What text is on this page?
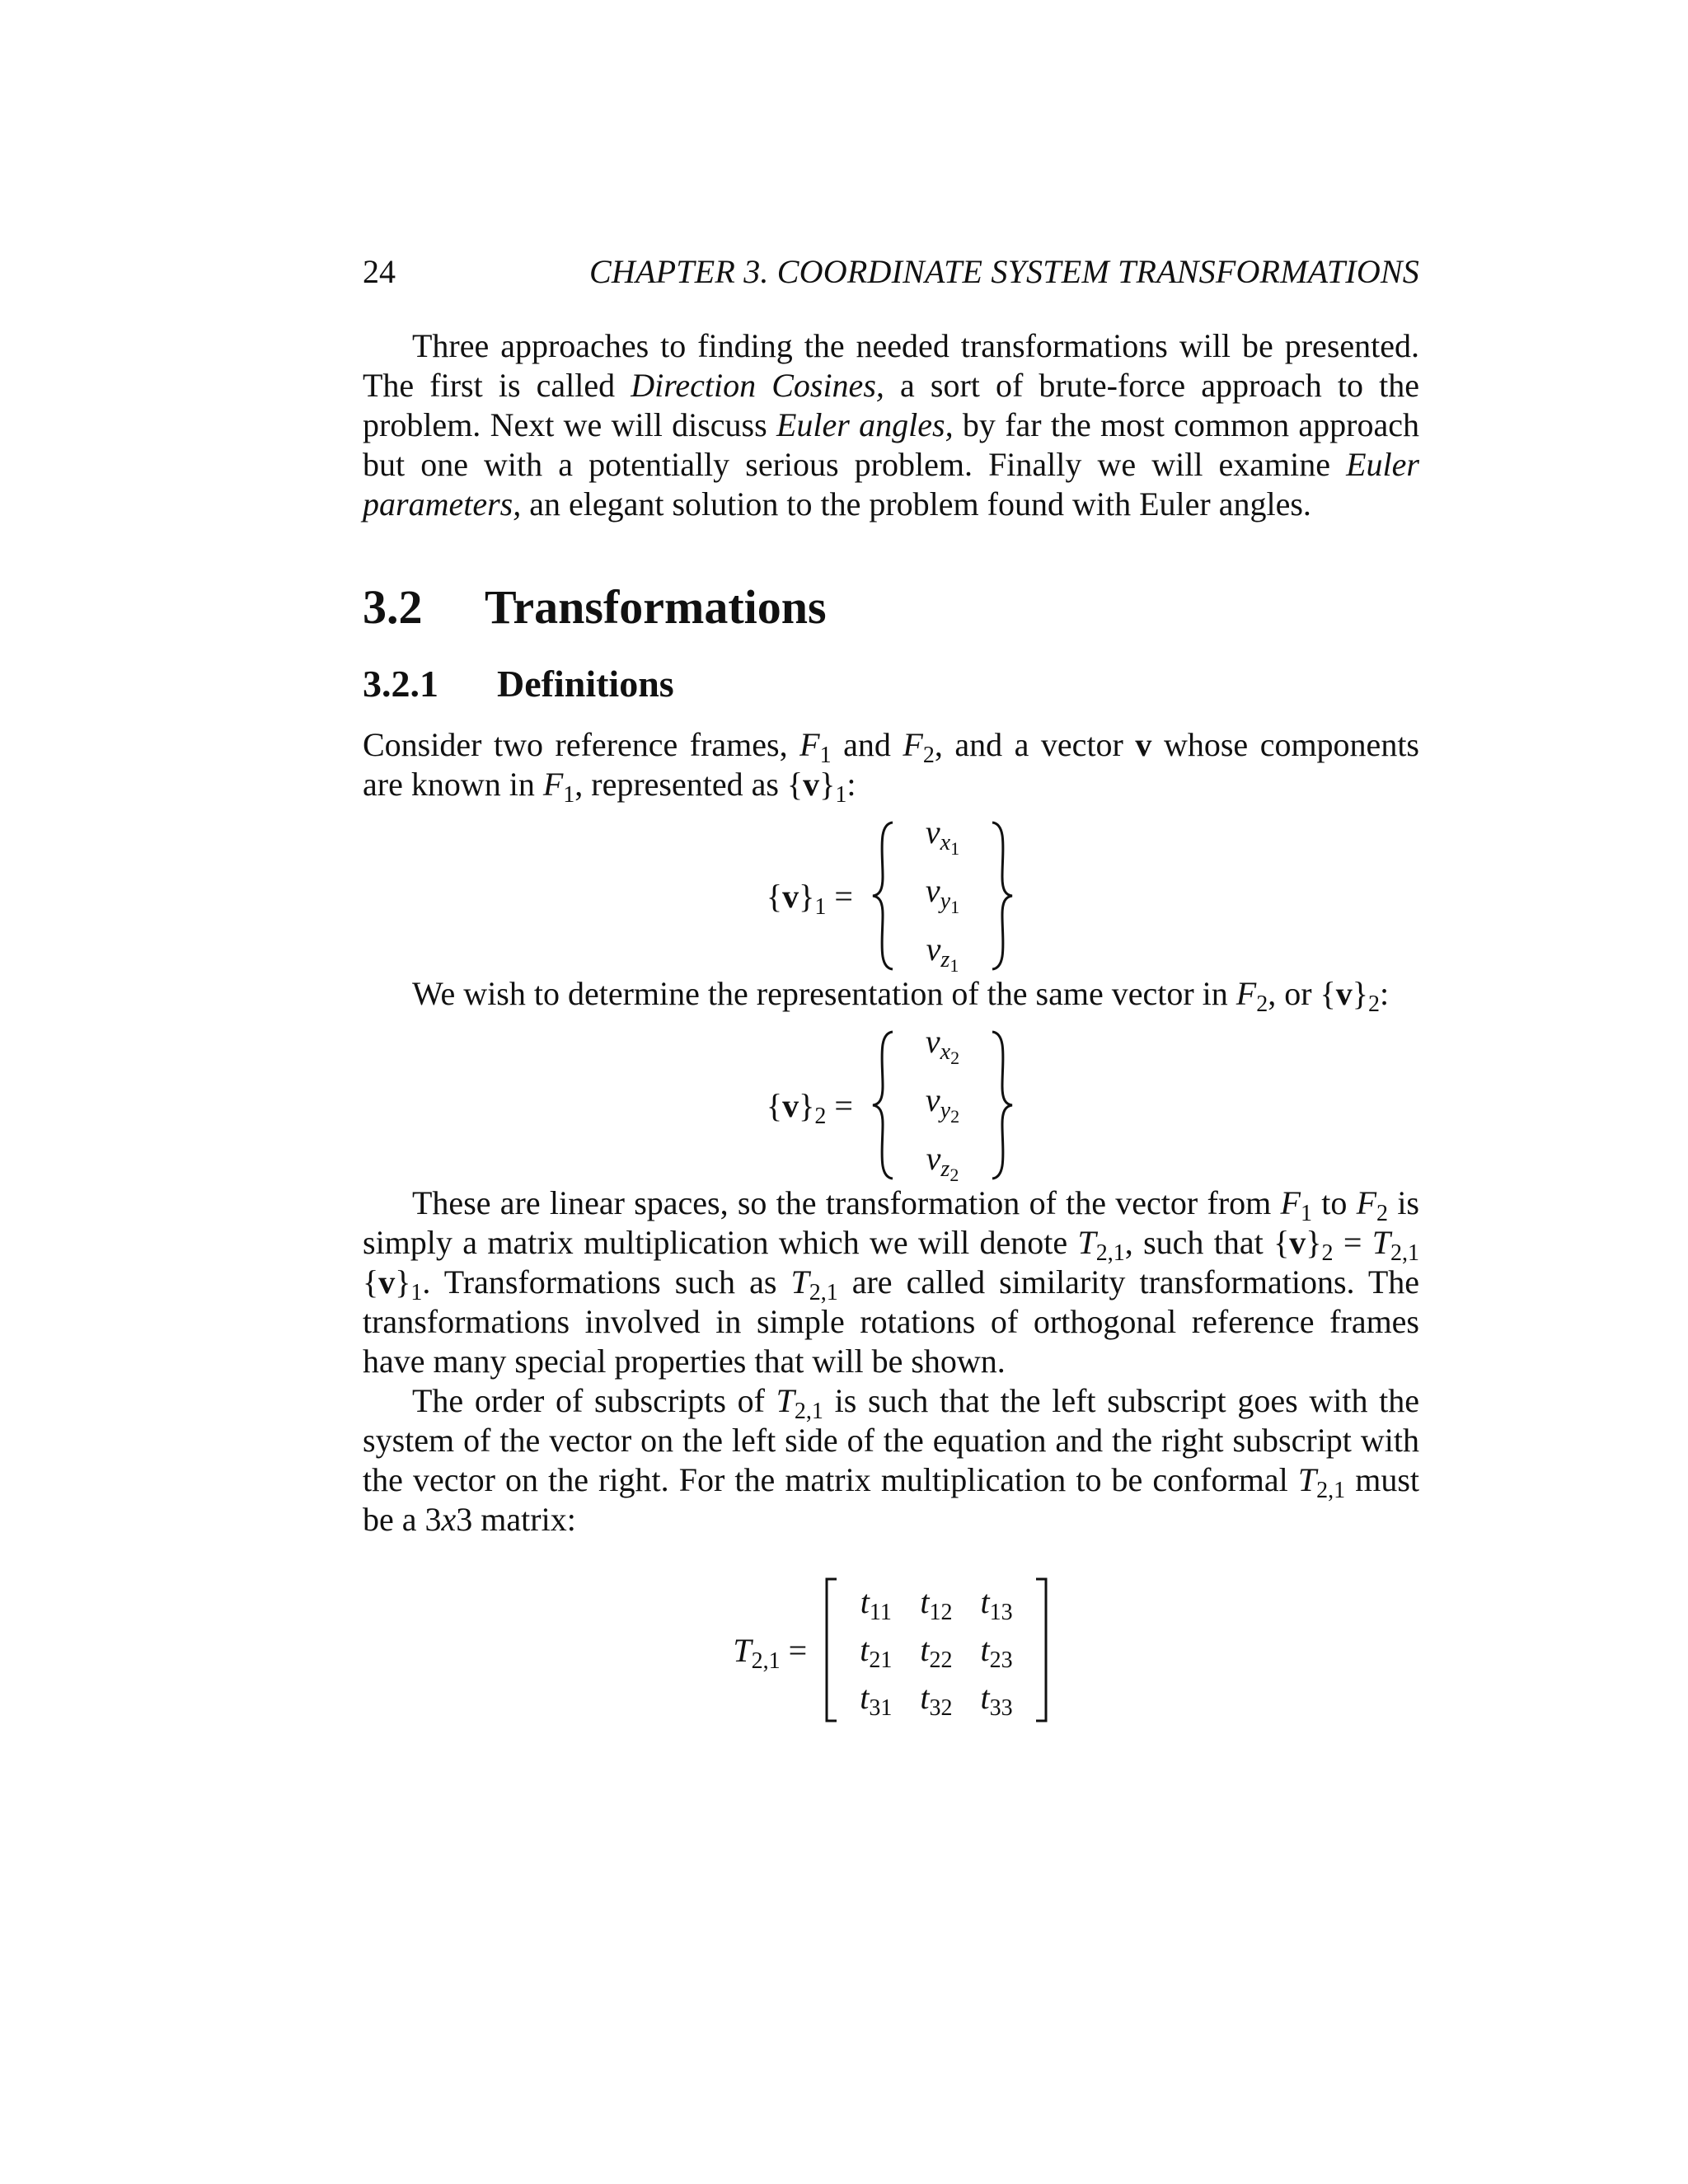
24	CHAPTER 3. COORDINATE SYSTEM TRANSFORMATIONS

Three approaches to finding the needed transformations will be presented. The first is called Direction Cosines, a sort of brute-force approach to the problem. Next we will discuss Euler angles, by far the most common approach but one with a potentially serious problem. Finally we will examine Euler parameters, an elegant solution to the problem found with Euler angles.

3.2	Transformations
3.2.1	Definitions

Consider two reference frames, $F_1$ and $F_2$, and a vector v whose components are known in $F_1$, represented as $\{v\}_1$:

$\{v\}_1$ =
$v_{x_1}$
$v_{y_1}$
$v_{z_1}$

We wish to determine the representation of the same vector in $F_2$, or $\{v\}_2$:

$\{v\}_2$ =
$v_{x_2}$
$v_{y_2}$
$v_{z_2}$

These are linear spaces, so the transformation of the vector from $F_1$ to $F_2$ is simply a matrix multiplication which we will denote $T_{2,1}$, such that $\{v\}_2 = T_{2,1}$ $\{v\}_1$. Transformations such as $T_{2,1}$ are called similarity transformations. The transformations involved in simple rotations of orthogonal reference frames have many special properties that will be shown.

The order of subscripts of $T_{2,1}$ is such that the left subscript goes with the system of the vector on the left side of the equation and the right subscript with the vector on the right. For the matrix multiplication to be conformal $T_{2,1}$ must be a 3x3 matrix:

$T_{2,1}$ =
$t_{11}$ $t_{12}$ $t_{13}$
$t_{21}$ $t_{22}$ $t_{23}$
$t_{31}$ $t_{32}$ $t_{33}$
